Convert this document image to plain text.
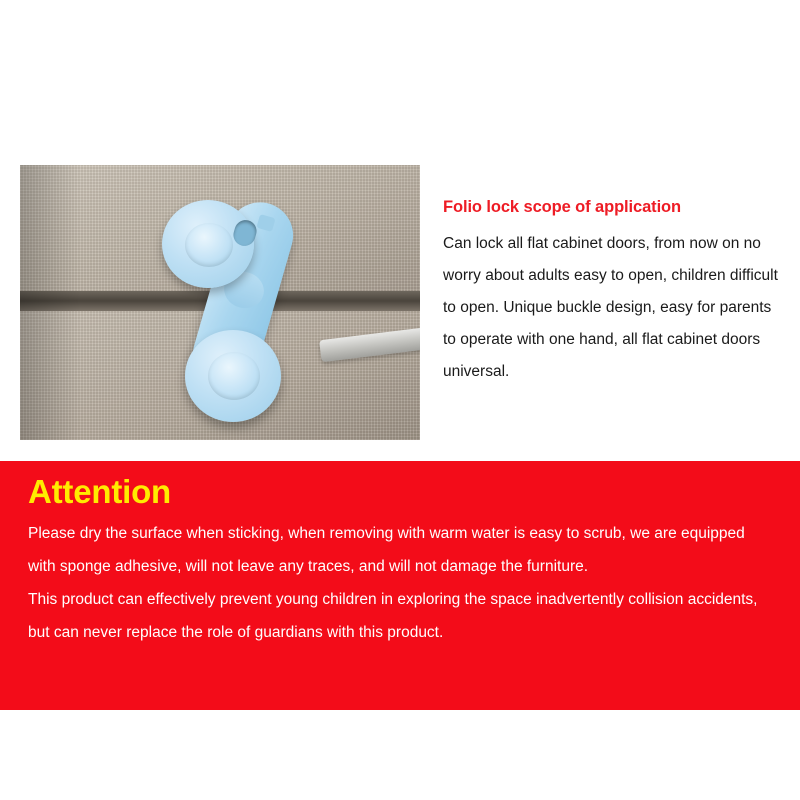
Folio lock scope of application

Can lock all flat cabinet doors, from now on no worry about adults easy to open, children difficult to open. Unique buckle design, easy for parents to operate with one hand, all flat cabinet doors universal.

Attention

Please dry the surface when sticking, when removing with warm water is easy to scrub, we are equipped with sponge adhesive, will not leave any traces, and will not damage the furniture.

This product can effectively prevent young children in exploring the space inadvertently collision accidents, but can never replace the role of guardians with this product.
